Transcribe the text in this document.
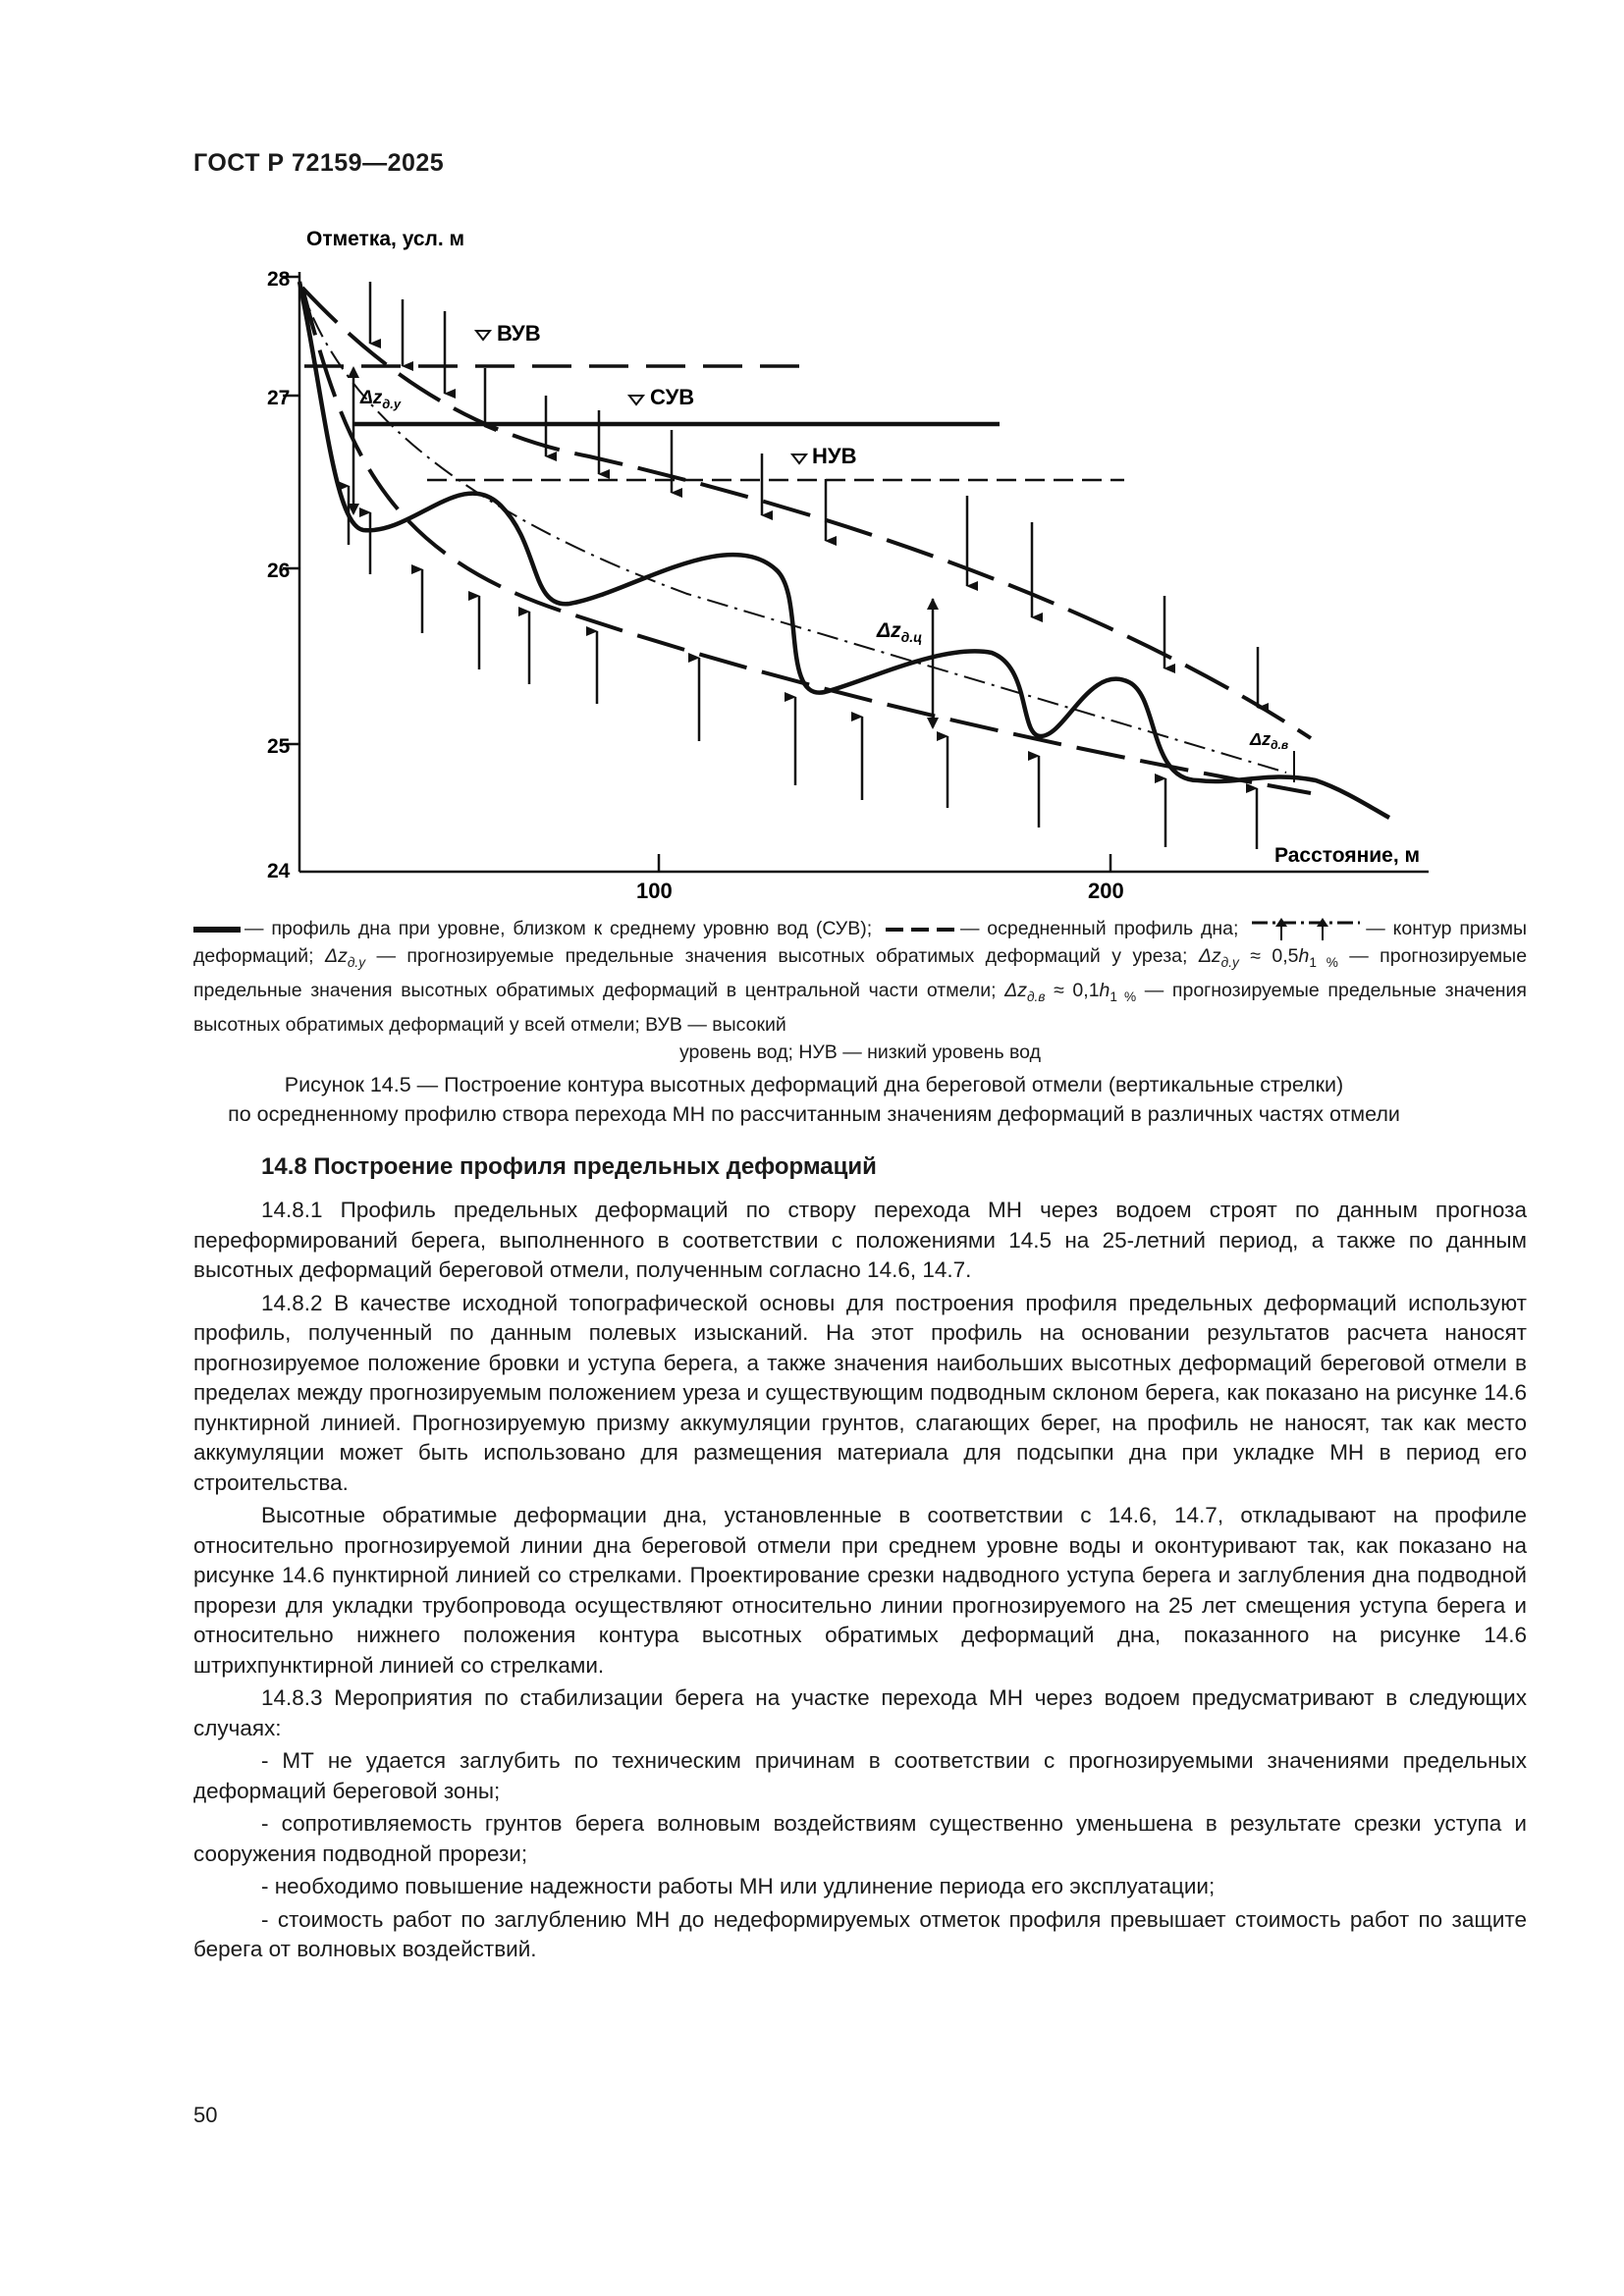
ГОСТ Р 72159—2025
28
27
26
25
24
100	200
Отметка, усл. м
Расстояние, м
ВУВ
СУВ
НУВ
$\Delta z_{д.у}$
$\Delta z_{д.ц}$
$\Delta z_{д.в}$
— профиль дна при уровне, близком к среднему уровню вод (СУВ);	— осредненный профиль дна;	— контур призмы деформаций; $\Delta z_{д.у}$ — прогнозируемые предельные значения высотных обратимых деформаций у уреза; $\Delta z_{д.у} \approx 0,5h_{1 \%}$ — прогнозируемые предельные значения высотных обратимых деформаций в центральной части отмели; $\Delta z_{д.в} \approx 0,1h_{1 \%}$ — прогнозируемые предельные значения высотных обратимых деформаций у всей отмели; ВУВ — высокий
уровень вод; НУВ — низкий уровень вод
Рисунок 14.5 — Построение контура высотных деформаций дна береговой отмели (вертикальные стрелки)
по осредненному профилю створа перехода МН по рассчитанным значениям деформаций в различных частях отмели
14.8 Построение профиля предельных деформаций

14.8.1 Профиль предельных деформаций по створу перехода МН через водоем строят по данным прогноза переформирований берега, выполненного в соответствии с положениями 14.5 на 25-летний период, а также по данным высотных деформаций береговой отмели, полученным согласно 14.6, 14.7.

14.8.2 В качестве исходной топографической основы для построения профиля предельных деформаций используют профиль, полученный по данным полевых изысканий. На этот профиль на основании результатов расчета наносят прогнозируемое положение бровки и уступа берега, а также значения наибольших высотных деформаций береговой отмели в пределах между прогнозируемым положением уреза и существующим подводным склоном берега, как показано на рисунке 14.6 пунктирной линией. Прогнозируемую призму аккумуляции грунтов, слагающих берег, на профиль не наносят, так как место аккумуляции может быть использовано для размещения материала для подсыпки дна при укладке МН в период его строительства.

Высотные обратимые деформации дна, установленные в соответствии с 14.6, 14.7, откладывают на профиле относительно прогнозируемой линии дна береговой отмели при среднем уровне воды и оконтуривают так, как показано на рисунке 14.6 пунктирной линией со стрелками. Проектирование срезки надводного уступа берега и заглубления дна подводной прорези для укладки трубопровода осуществляют относительно линии прогнозируемого на 25 лет смещения уступа берега и относительно нижнего положения контура высотных обратимых деформаций дна, показанного на рисунке 14.6 штрихпунктирной линией со стрелками.

14.8.3 Мероприятия по стабилизации берега на участке перехода МН через водоем предусматривают в следующих случаях:

- МТ не удается заглубить по техническим причинам в соответствии с прогнозируемыми значениями предельных деформаций береговой зоны;

- сопротивляемость грунтов берега волновым воздействиям существенно уменьшена в результате срезки уступа и сооружения подводной прорези;

- необходимо повышение надежности работы МН или удлинение периода его эксплуатации;

- стоимость работ по заглублению МН до недеформируемых отметок профиля превышает стоимость работ по защите берега от волновых воздействий.

50
